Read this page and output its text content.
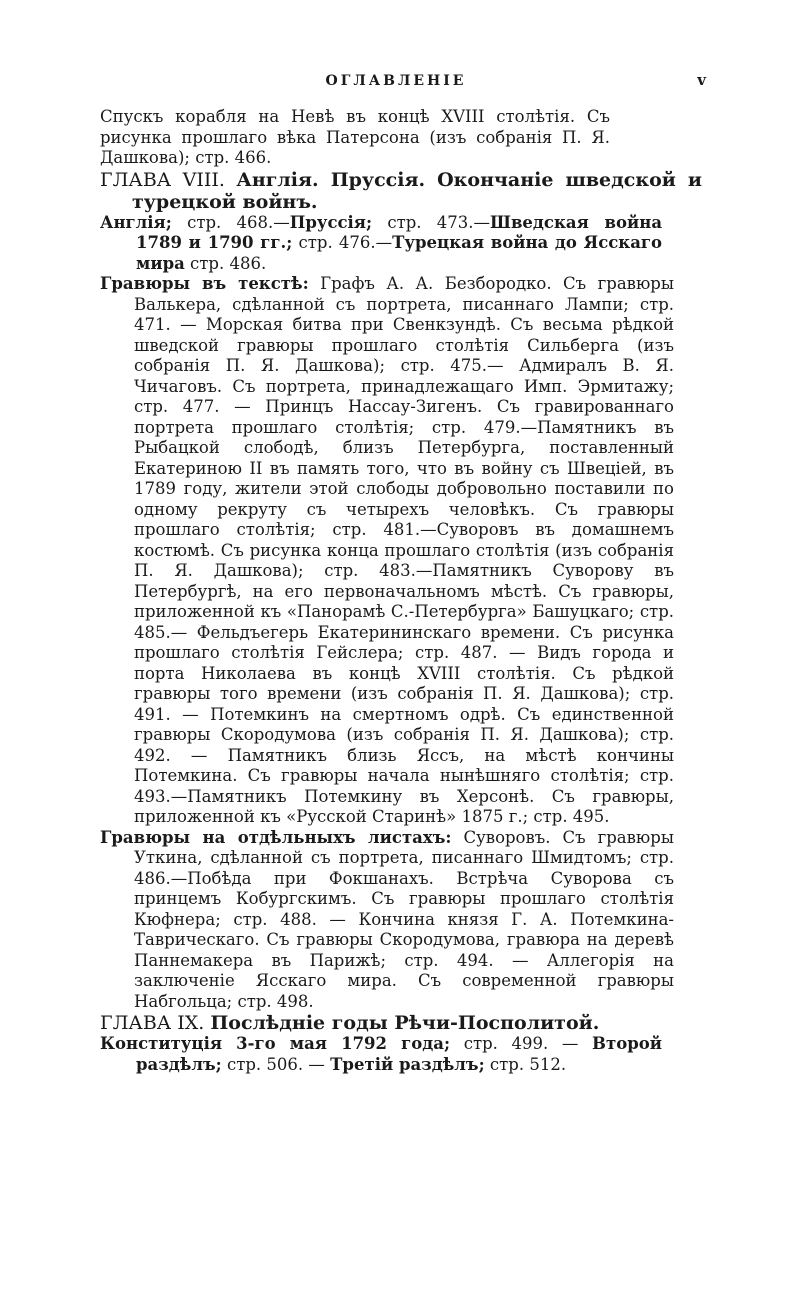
ОГЛАВЛЕНІЕ	v

Спускъ корабля на Невѣ въ концѣ XVIII столѣтія. Съ рисунка прошлаго вѣка Патерсона (изъ собранія П. Я. Дашкова); стр. 466.

ГЛАВА VIII. Англія. Пруссія. Окончаніе шведской и турецкой войнъ.

Англія; стр. 468.—Пруссія; стр. 473.—Шведская война 1789 и 1790 гг.; стр. 476.—Турецкая война до Ясскаго мира стр. 486.

Гравюры въ текстѣ: Графъ А. А. Безбородко. Съ гравюры Валькера, сдѣланной съ портрета, писаннаго Лампи; стр. 471. — Морская битва при Свенкзундѣ. Съ весьма рѣдкой шведской гравюры прошлаго столѣтія Сильберга (изъ собранія П. Я. Дашкова); стр. 475.— Адмиралъ В. Я. Чичаговъ. Съ портрета, принадлежащаго Имп. Эрмитажу; стр. 477. — Принцъ Нассау-Зигенъ. Съ гравированнаго портрета прошлаго столѣтія; стр. 479.—Памятникъ въ Рыбацкой слободѣ, близъ Петербурга, поставленный Екатериною II въ память того, что въ войну съ Швеціей, въ 1789 году, жители этой слободы добровольно поставили по одному рекруту съ четырехъ человѣкъ. Съ гравюры прошлаго столѣтія; стр. 481.—Суворовъ въ домашнемъ костюмѣ. Съ рисунка конца прошлаго столѣтія (изъ собранія П. Я. Дашкова); стр. 483.—Памятникъ Суворову въ Петербургѣ, на его первоначальномъ мѣстѣ. Съ гравюры, приложенной къ «Панорамѣ С.-Петербурга» Башуцкаго; стр. 485.— Фельдъегерь Екатерининскаго времени. Съ рисунка прошлаго столѣтія Гейслера; стр. 487. — Видъ города и порта Николаева въ концѣ XVIII столѣтія. Съ рѣдкой гравюры того времени (изъ собранія П. Я. Дашкова); стр. 491. — Потемкинъ на смертномъ одрѣ. Съ единственной гравюры Скородумова (изъ собранія П. Я. Дашкова); стр. 492. — Памятникъ близь Яссъ, на мѣстѣ кончины Потемкина. Съ гравюры начала нынѣшняго столѣтія; стр. 493.—Памятникъ Потемкину въ Херсонѣ. Съ гравюры, приложенной къ «Русской Старинѣ» 1875 г.; стр. 495.

Гравюры на отдѣльныхъ листахъ: Суворовъ. Съ гравюры Уткина, сдѣланной съ портрета, писаннаго Шмидтомъ; стр. 486.—Побѣда при Фокшанахъ. Встрѣча Суворова съ принцемъ Кобургскимъ. Съ гравюры прошлаго столѣтія Кюфнера; стр. 488. — Кончина князя Г. А. Потемкина-Таврическаго. Съ гравюры Скородумова, гравюра на деревѣ Паннемакера въ Парижѣ; стр. 494. — Аллегорія на заключеніе Ясскаго мира. Съ современной гравюры Набгольца; стр. 498.

ГЛАВА IX. Послѣдніе годы Рѣчи-Посполитой.

Конституція 3-го мая 1792 года; стр. 499. — Второй раздѣлъ; стр. 506. — Третій раздѣлъ; стр. 512.
